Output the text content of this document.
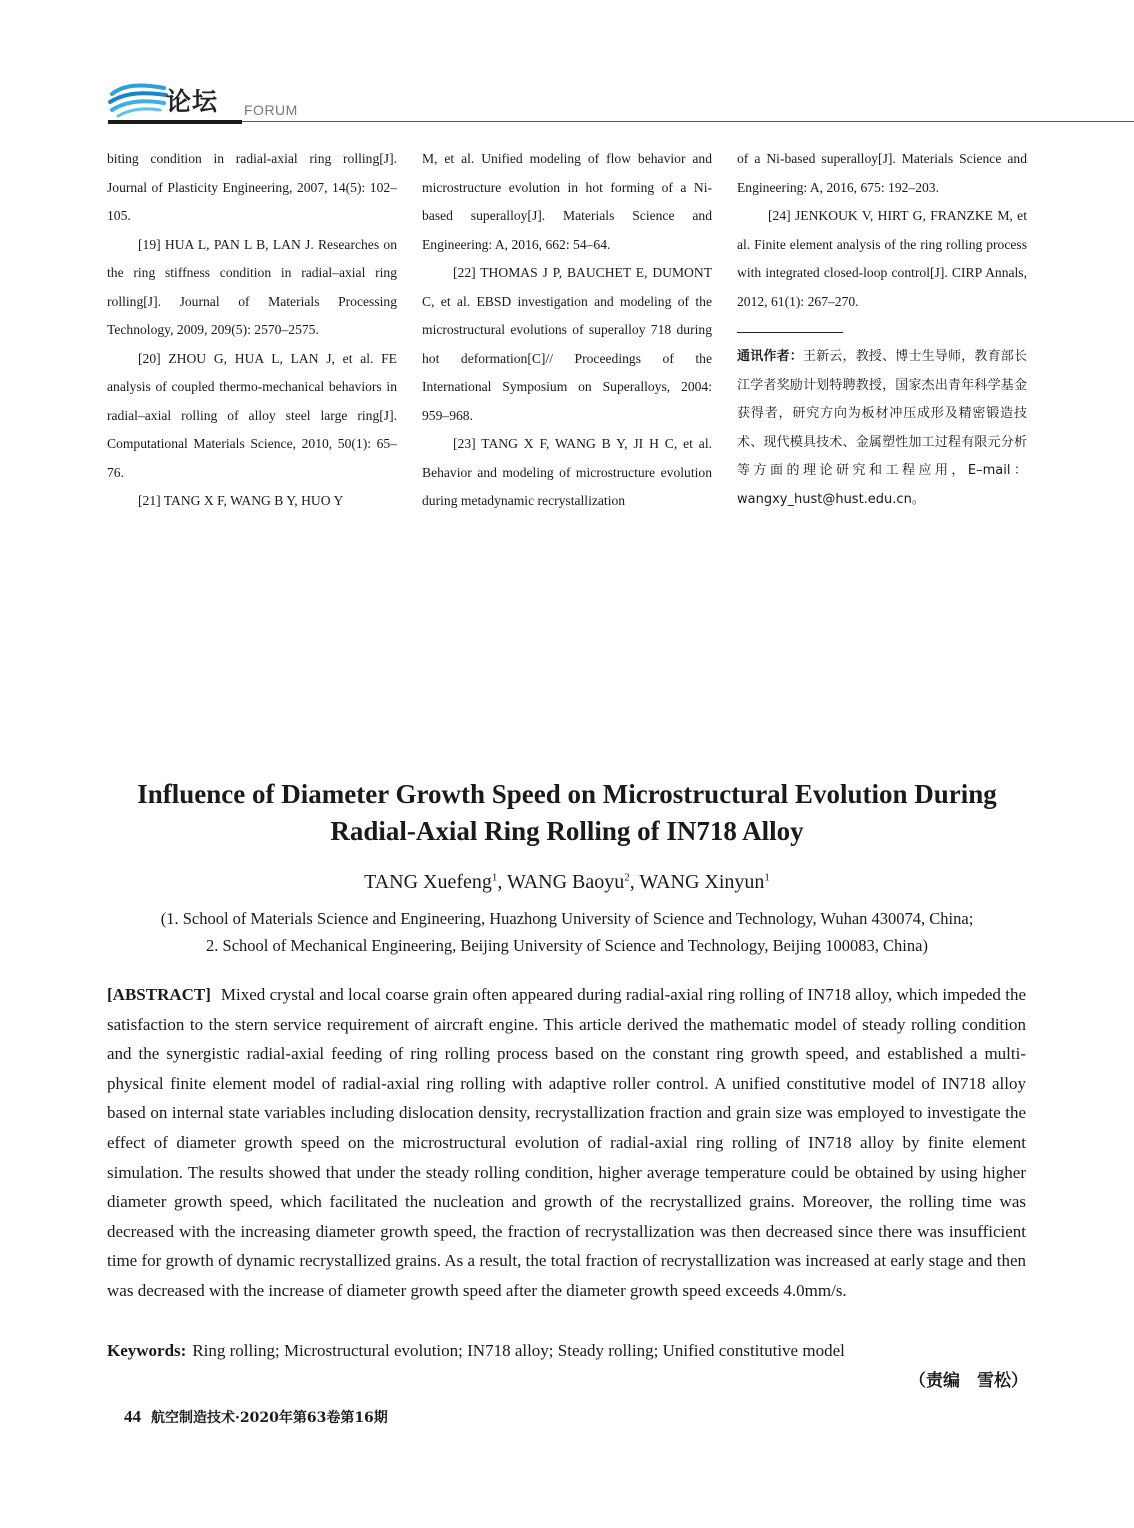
论坛 FORUM

biting condition in radial-axial ring rolling[J]. Journal of Plasticity Engineering, 2007, 14(5): 102–105.

[19] HUA L, PAN L B, LAN J. Researches on the ring stiffness condition in radial–axial ring rolling[J]. Journal of Materials Processing Technology, 2009, 209(5): 2570–2575.

[20] ZHOU G, HUA L, LAN J, et al. FE analysis of coupled thermo-mechanical behaviors in radial–axial rolling of alloy steel large ring[J]. Computational Materials Science, 2010, 50(1): 65–76.

[21] TANG X F, WANG B Y, HUO Y

M, et al. Unified modeling of flow behavior and microstructure evolution in hot forming of a Ni-based superalloy[J]. Materials Science and Engineering: A, 2016, 662: 54–64.

[22] THOMAS J P, BAUCHET E, DUMONT C, et al. EBSD investigation and modeling of the microstructural evolutions of superalloy 718 during hot deformation[C]// Proceedings of the International Symposium on Superalloys, 2004: 959–968.

[23] TANG X F, WANG B Y, JI H C, et al. Behavior and modeling of microstructure evolution during metadynamic recrystallization

of a Ni-based superalloy[J]. Materials Science and Engineering: A, 2016, 675: 192–203.

[24] JENKOUK V, HIRT G, FRANZKE M, et al. Finite element analysis of the ring rolling process with integrated closed-loop control[J]. CIRP Annals, 2012, 61(1): 267–270.

通讯作者：王新云，教授、博士生导师，教育部长江学者奖励计划特聘教授，国家杰出青年科学基金获得者，研究方向为板材冲压成形及精密锻造技术、现代模具技术、金属塑性加工过程有限元分析等方面的理论研究和工程应用，E–mail：wangxy_hust@hust.edu.cn。

Influence of Diameter Growth Speed on Microstructural Evolution During
Radial-Axial Ring Rolling of IN718 Alloy
TANG Xuefeng$^1$, WANG Baoyu$^2$, WANG Xinyun$^1$
(1. School of Materials Science and Engineering, Huazhong University of Science and Technology, Wuhan 430074, China;
2. School of Mechanical Engineering, Beijing University of Science and Technology, Beijing 100083, China)

[ABSTRACT] Mixed crystal and local coarse grain often appeared during radial-axial ring rolling of IN718 alloy, which impeded the satisfaction to the stern service requirement of aircraft engine. This article derived the mathematic model of steady rolling condition and the synergistic radial-axial feeding of ring rolling process based on the constant ring growth speed, and established a multi-physical finite element model of radial-axial ring rolling with adaptive roller control. A unified constitutive model of IN718 alloy based on internal state variables including dislocation density, recrystallization fraction and grain size was employed to investigate the effect of diameter growth speed on the microstructural evolution of radial-axial ring rolling of IN718 alloy by finite element simulation. The results showed that under the steady rolling condition, higher average temperature could be obtained by using higher diameter growth speed, which facilitated the nucleation and growth of the recrystallized grains. Moreover, the rolling time was decreased with the increasing diameter growth speed, the fraction of recrystallization was then decreased since there was insufficient time for growth of dynamic recrystallized grains. As a result, the total fraction of recrystallization was increased at early stage and then was decreased with the increase of diameter growth speed after the diameter growth speed exceeds 4.0mm/s.

Keywords: Ring rolling; Microstructural evolution; IN718 alloy; Steady rolling; Unified constitutive model

（责编　雪松）
44 航空制造技术·2020年第63卷第16期
